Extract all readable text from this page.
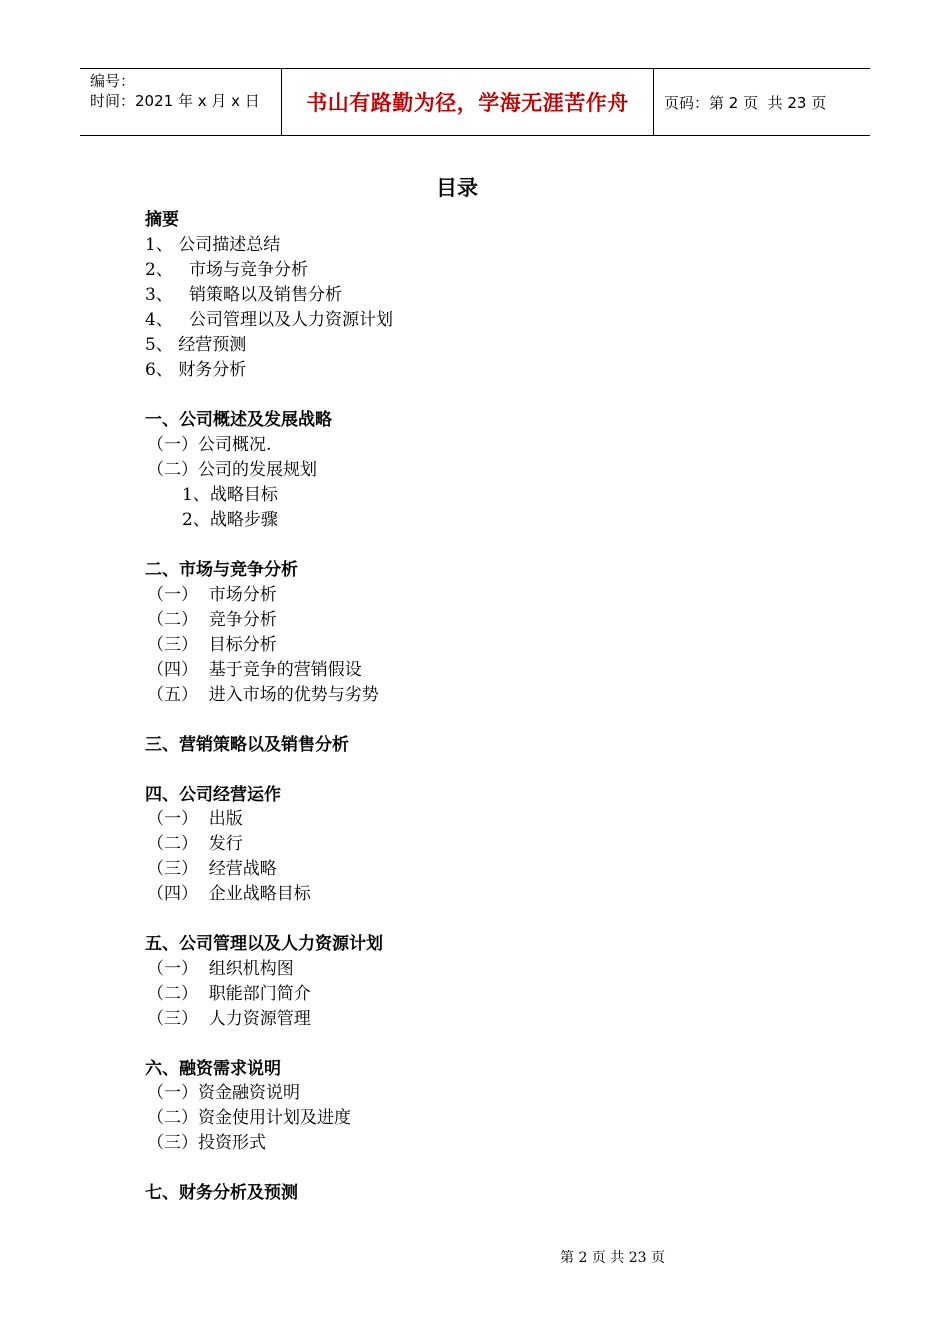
编号：
时间：2021 年 x 月 x 日	书山有路勤为径，学海无涯苦作舟	页码：第 2 页  共 23 页
目录
摘要
1、 公司描述总结
2、   市场与竞争分析
3、   销策略以及销售分析
4、   公司管理以及人力资源计划
5、 经营预测
6、 财务分析
一、公司概述及发展战略
（一）公司概况.
（二）公司的发展规划
1、战略目标
2、战略步骤
二、市场与竞争分析
（一）  市场分析
（二）  竞争分析
（三）  目标分析
（四）  基于竞争的营销假设
（五）  进入市场的优势与劣势
三、营销策略以及销售分析
四、公司经营运作
（一）  出版
（二）  发行
（三）  经营战略
（四）  企业战略目标
五、公司管理以及人力资源计划
（一）  组织机构图
（二）  职能部门简介
（三）  人力资源管理
六、融资需求说明
（一）资金融资说明
（二）资金使用计划及进度
（三）投资形式
七、财务分析及预测
第 2 页 共 23 页
